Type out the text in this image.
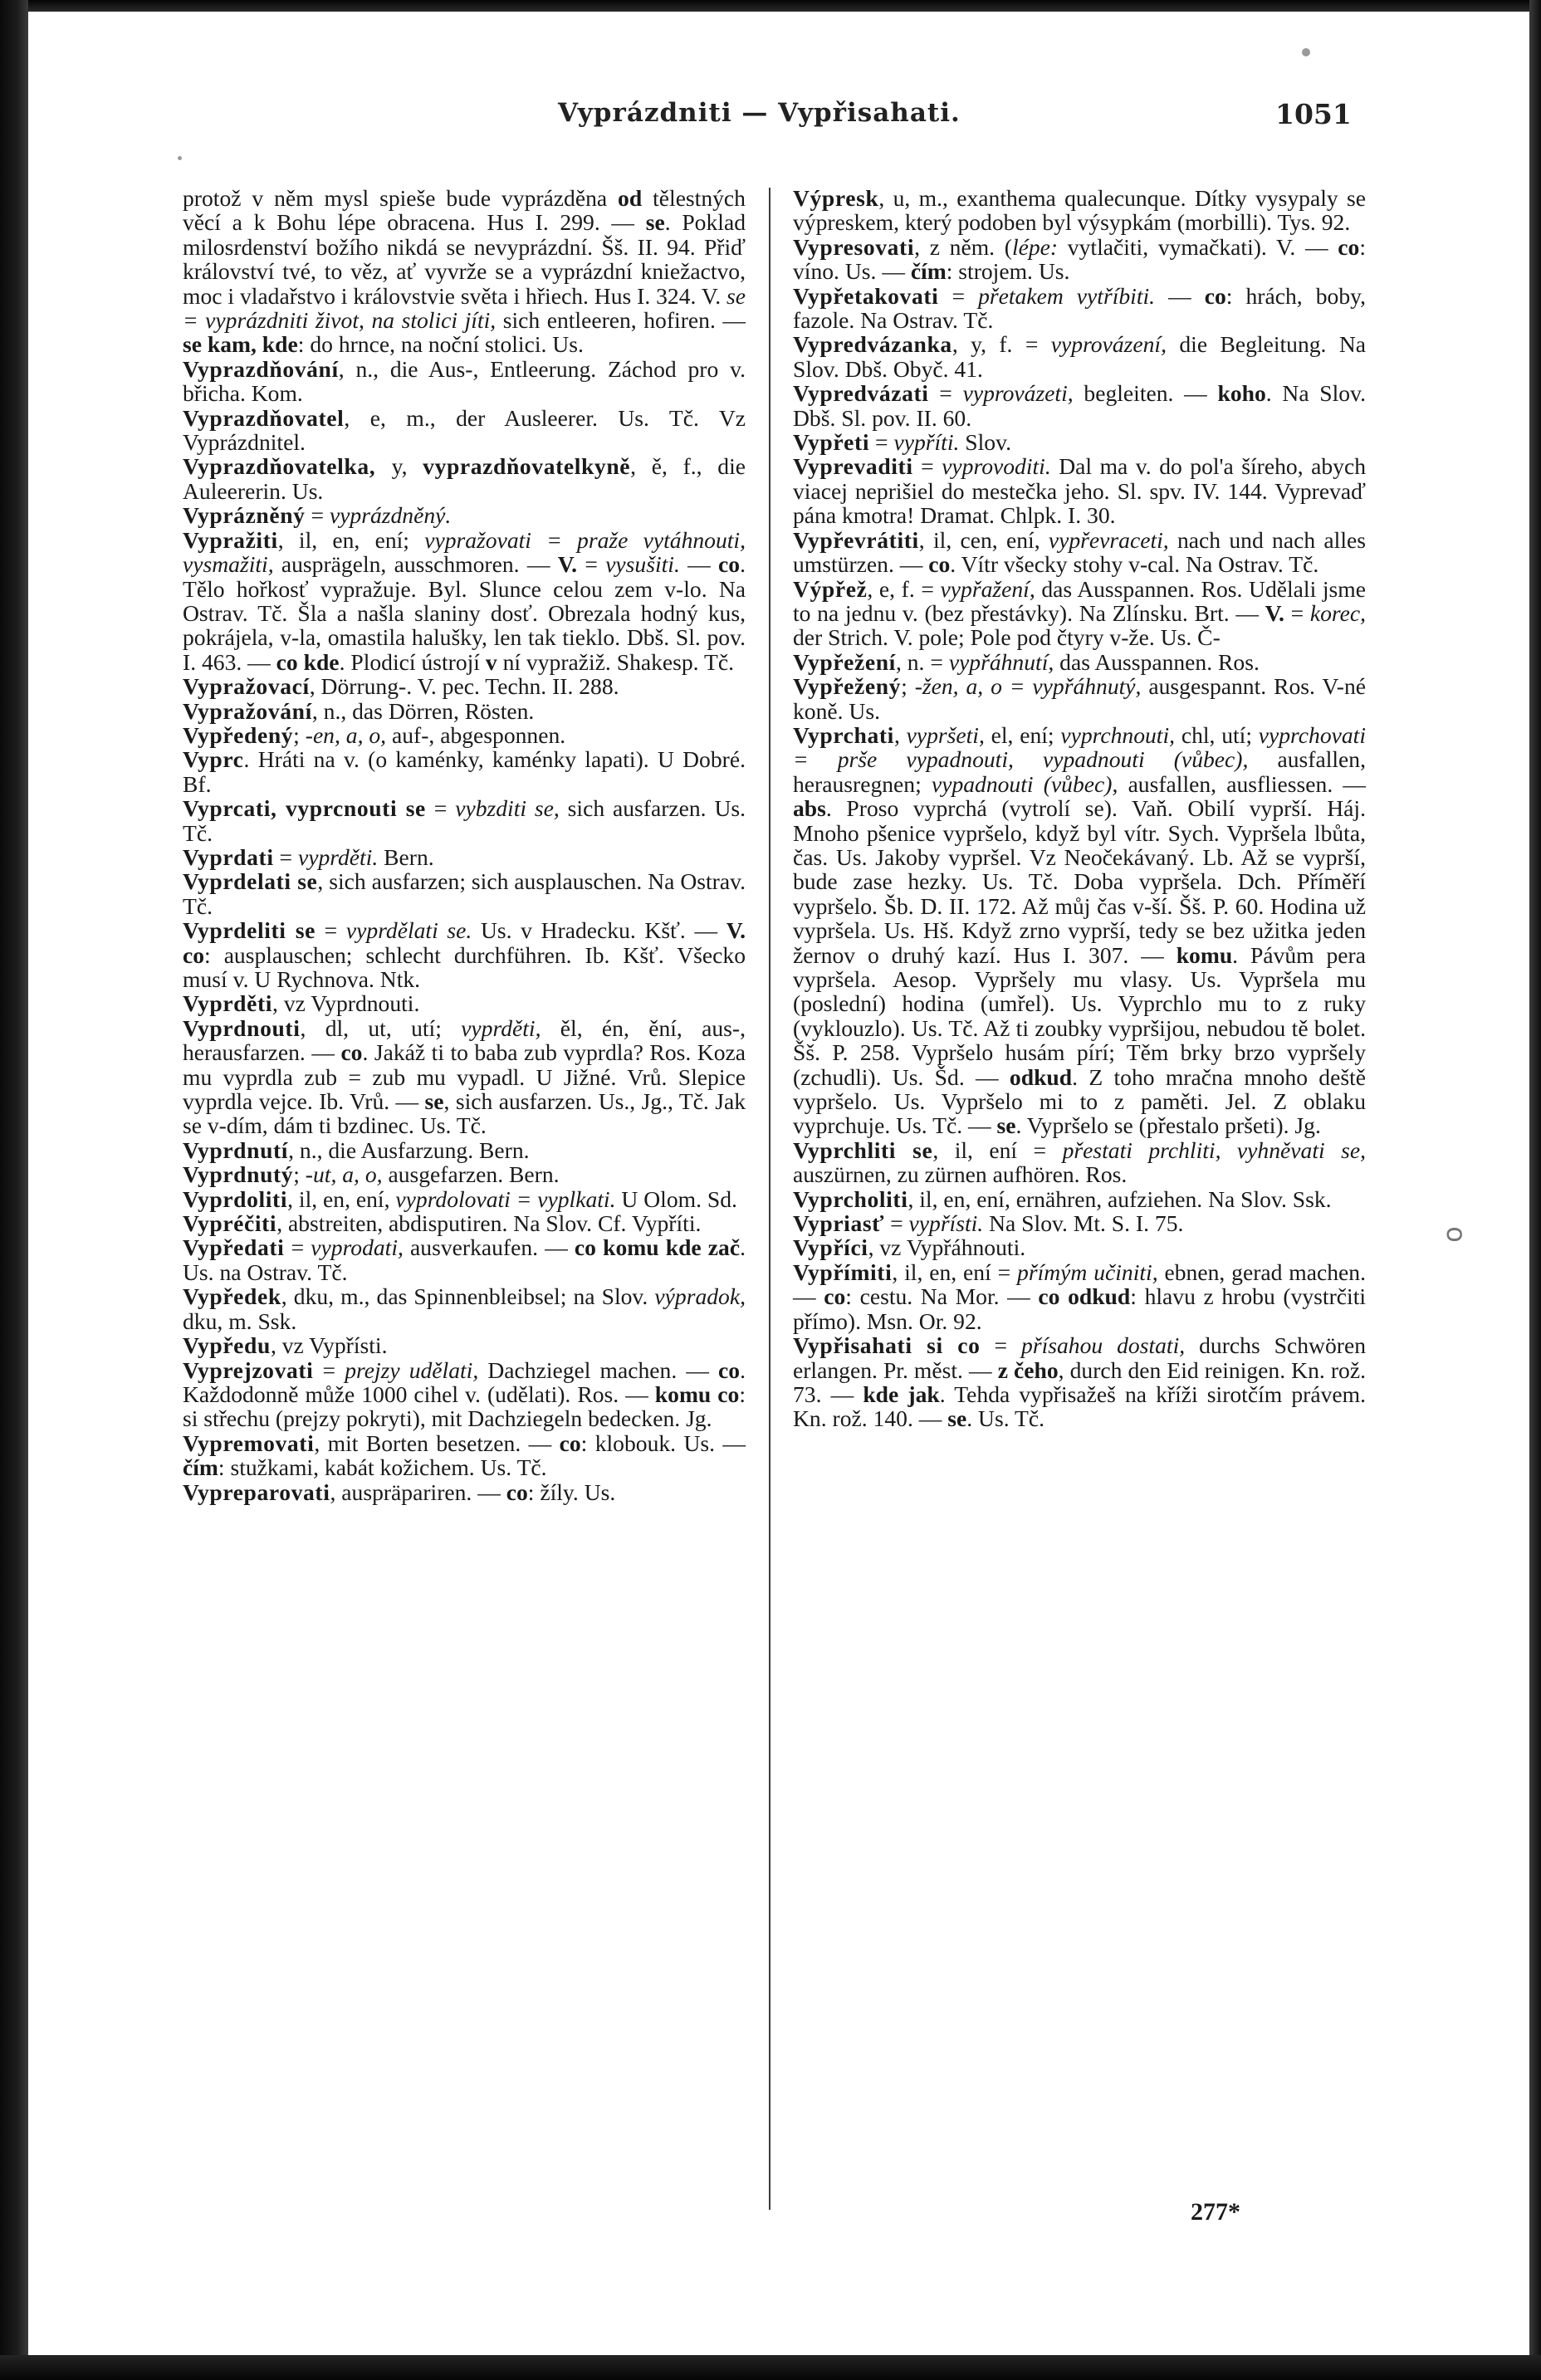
Vyprázdniti — Vypřisahati.	1051

protož v něm mysl spieše bude vyprázděna od tělestných věcí a k Bohu lépe obracena. Hus I. 299. — se. Poklad milosrdenství božího nikdá se nevyprázdní. Šš. II. 94. Přiď království tvé, to věz, ať vyvrže se a vyprázdní kniežactvo, moc i vladařstvo i královstvie světa i hřiech. Hus I. 324. V. se = vyprázdniti život, na stolici jíti, sich entleeren, hofiren. — se kam, kde: do hrnce, na noční stolici. Us.

Vyprazdňování, n., die Aus-, Entleerung. Záchod pro v. břicha. Kom.

Vyprazdňovatel, e, m., der Ausleerer. Us. Tč. Vz Vyprázdnitel.

Vyprazdňovatelka, y, vyprazdňovatelkyně, ě, f., die Auleererin. Us.

Vyprázněný = vyprázdněný.

Vypražiti, il, en, ení; vypražovati = praže vytáhnouti, vysmažiti, ausprägeln, ausschmoren. — V. = vysušiti. — co. Tělo hořkosť vypražuje. Byl. Slunce celou zem v-lo. Na Ostrav. Tč. Šla a našla slaniny dosť. Obrezala hodný kus, pokrájela, v-la, omastila halušky, len tak tieklo. Dbš. Sl. pov. I. 463. — co kde. Plodicí ústrojí v ní vypražiž. Shakesp. Tč.

Vypražovací, Dörrung-. V. pec. Techn. II. 288.

Vypražování, n., das Dörren, Rösten.

Vypředený; -en, a, o, auf-, abgesponnen.

Vyprc. Hráti na v. (o kaménky, kaménky lapati). U Dobré. Bf.

Vyprcati, vyprcnouti se = vybzditi se, sich ausfarzen. Us. Tč.

Vyprdati = vyprděti. Bern.

Vyprdelati se, sich ausfarzen; sich ausplauschen. Na Ostrav. Tč.

Vyprdeliti se = vyprdělati se. Us. v Hradecku. Kšť. — V. co: ausplauschen; schlecht durchführen. Ib. Kšť. Všecko musí v. U Rychnova. Ntk.

Vyprděti, vz Vyprdnouti.

Vyprdnouti, dl, ut, utí; vyprděti, ěl, én, ění, aus-, herausfarzen. — co. Jakáž ti to baba zub vyprdla? Ros. Koza mu vyprdla zub = zub mu vypadl. U Jižné. Vrů. Slepice vyprdla vejce. Ib. Vrů. — se, sich ausfarzen. Us., Jg., Tč. Jak se v-dím, dám ti bzdinec. Us. Tč.

Vyprdnutí, n., die Ausfarzung. Bern.

Vyprdnutý; -ut, a, o, ausgefarzen. Bern.

Vyprdoliti, il, en, ení, vyprdolovati = vyplkati. U Olom. Sd.

Vypréčiti, abstreiten, abdisputiren. Na Slov. Cf. Vypříti.

Vypředati = vyprodati, ausverkaufen. — co komu kde zač. Us. na Ostrav. Tč.

Vypředek, dku, m., das Spinnenbleibsel; na Slov. výpradok, dku, m. Ssk.

Vypředu, vz Vypřísti.

Vyprejzovati = prejzy udělati, Dachziegel machen. — co. Každodonně může 1000 cihel v. (udělati). Ros. — komu co: si střechu (prejzy pokryti), mit Dachziegeln bedecken. Jg.

Vypremovati, mit Borten besetzen. — co: klobouk. Us. — čím: stužkami, kabát kožichem. Us. Tč.

Vypreparovati, auspräpariren. — co: žíly. Us.

Výpresk, u, m., exanthema qualecunque. Dítky vysypaly se výpreskem, který podoben byl výsypkám (morbilli). Tys. 92.

Vypresovati, z něm. (lépe: vytlačiti, vymačkati). V. — co: víno. Us. — čím: strojem. Us.

Vypřetakovati = přetakem vytříbiti. — co: hrách, boby, fazole. Na Ostrav. Tč.

Vypredvázanka, y, f. = vyprovázení, die Begleitung. Na Slov. Dbš. Obyč. 41.

Vypredvázati = vyprovázeti, begleiten. — koho. Na Slov. Dbš. Sl. pov. II. 60.

Vypřeti = vypříti. Slov.

Vyprevaditi = vyprovoditi. Dal ma v. do pol'a šíreho, abych viacej neprišiel do mestečka jeho. Sl. spv. IV. 144. Vyprevaď pána kmotra! Dramat. Chlpk. I. 30.

Vypřevrátiti, il, cen, ení, vypřevraceti, nach und nach alles umstürzen. — co. Vítr všecky stohy v-cal. Na Ostrav. Tč.

Výpřež, e, f. = vypřažení, das Ausspannen. Ros. Udělali jsme to na jednu v. (bez přestávky). Na Zlínsku. Brt. — V. = korec, der Strich. V. pole; Pole pod čtyry v-že. Us. Č-

Vypřežení, n. = vypřáhnutí, das Ausspannen. Ros.

Vypřežený; -žen, a, o = vypřáhnutý, ausgespannt. Ros. V-né koně. Us.

Vyprchati, vypršeti, el, ení; vyprchnouti, chl, utí; vyprchovati = prše vypadnouti, vypadnouti (vůbec), ausfallen, herausregnen; vypadnouti (vůbec), ausfallen, ausfliessen. — abs. Proso vyprchá (vytrolí se). Vaň. Obilí vyprší. Háj. Mnoho pšenice vypršelo, když byl vítr. Sych. Vypršela lbůta, čas. Us. Jakoby vypršel. Vz Neočekávaný. Lb. Až se vyprší, bude zase hezky. Us. Tč. Doba vypršela. Dch. Příměří vypršelo. Šb. D. II. 172. Až můj čas v-ší. Šš. P. 60. Hodina už vypršela. Us. Hš. Když zrno vyprší, tedy se bez užitka jeden žernov o druhý kazí. Hus I. 307. — komu. Pávům pera vypršela. Aesop. Vypršely mu vlasy. Us. Vypršela mu (poslední) hodina (umřel). Us. Vyprchlo mu to z ruky (vyklouzlo). Us. Tč. Až ti zoubky vypršijou, nebudou tě bolet. Šš. P. 258. Vypršelo husám pírí; Těm brky brzo vypršely (zchudli). Us. Šd. — odkud. Z toho mračna mnoho deště vypršelo. Us. Vypršelo mi to z paměti. Jel. Z oblaku vyprchuje. Us. Tč. — se. Vypršelo se (přestalo pršeti). Jg.

Vyprchliti se, il, ení = přestati prchliti, vyhněvati se, auszürnen, zu zürnen aufhören. Ros.

Vyprcholiti, il, en, ení, ernähren, aufziehen. Na Slov. Ssk.

Vypriasť = vypřísti. Na Slov. Mt. S. I. 75.

Vypříci, vz Vypřáhnouti.

Vypřímiti, il, en, ení = přímým učiniti, ebnen, gerad machen. — co: cestu. Na Mor. — co odkud: hlavu z hrobu (vystrčiti přímo). Msn. Or. 92.

Vypřisahati si co = přísahou dostati, durchs Schwören erlangen. Pr. měst. — z čeho, durch den Eid reinigen. Kn. rož. 73. — kde jak. Tehda vypřisažeš na kříži sirotčím právem. Kn. rož. 140. — se. Us. Tč.

o
277*
